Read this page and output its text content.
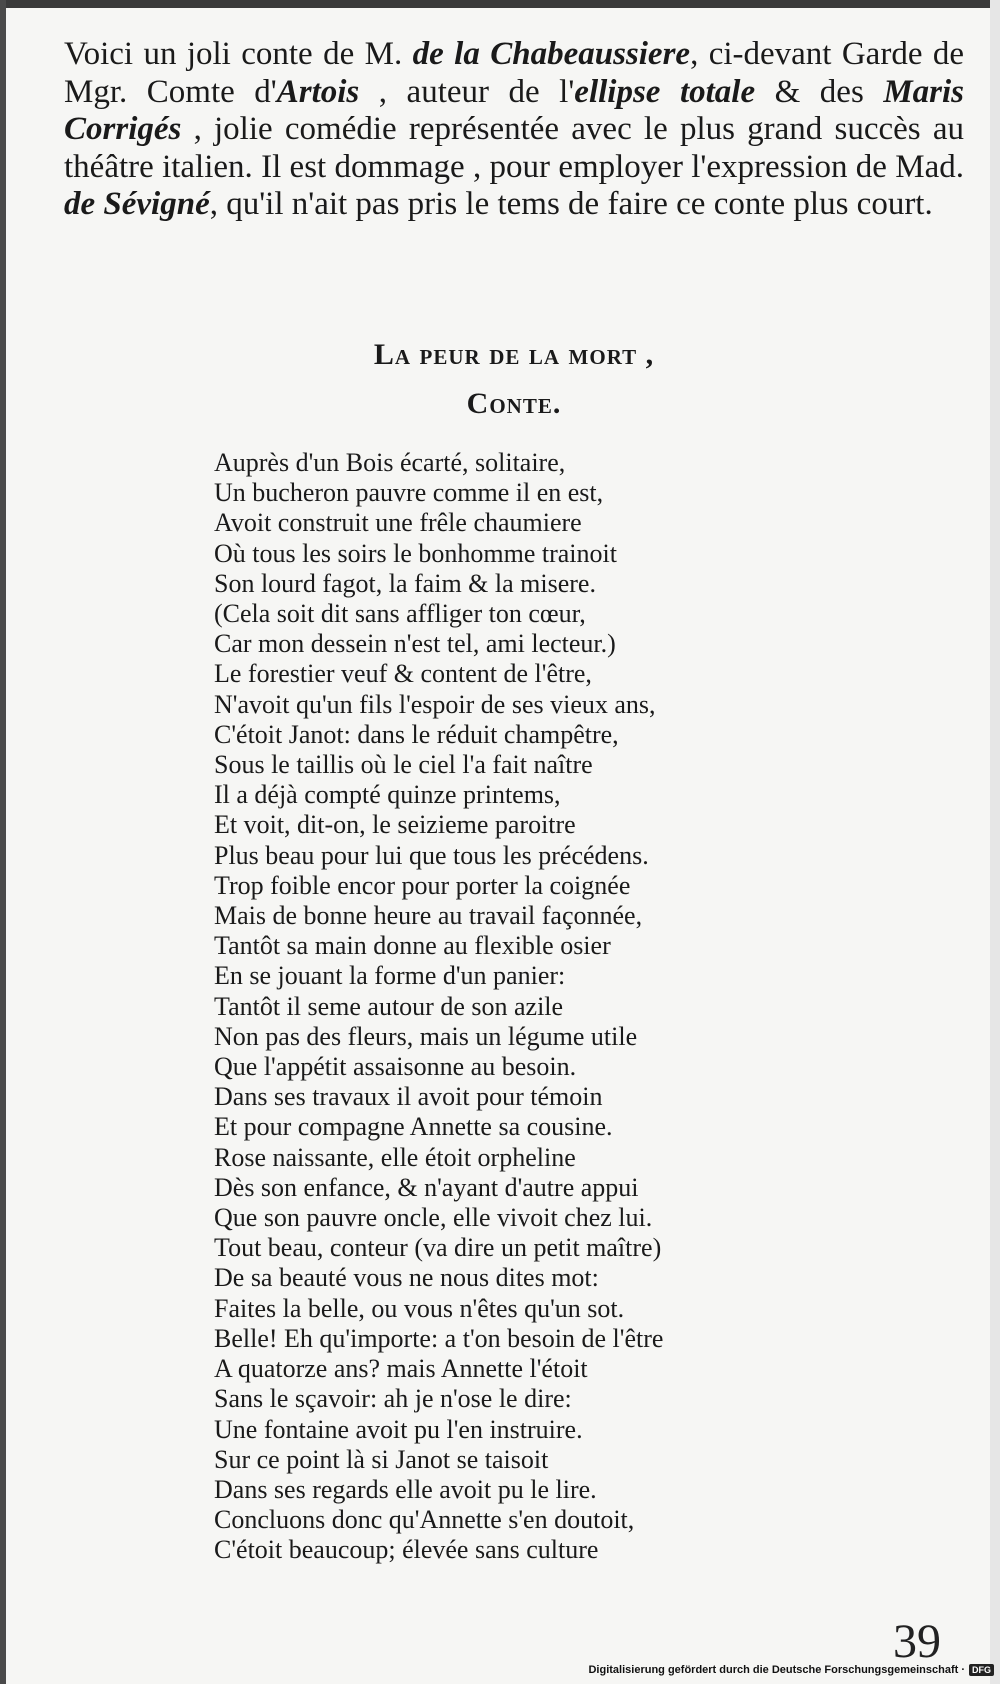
Voici un joli conte de M. de la Chabeaussiere, ci-devant Garde de Mgr. Comte d'Artois , auteur de l'ellipse totale & des Maris Corrigés , jolie comédie représentée avec le plus grand succès au théâtre italien. Il est dommage , pour employer l'expression de Mad. de Sévigné, qu'il n'ait pas pris le tems de faire ce conte plus court.
La peur de la mort ,
Conte.
Auprès d'un Bois écarté, solitaire,
Un bucheron pauvre comme il en est,
Avoit construit une frêle chaumiere
Où tous les soirs le bonhomme trainoit
Son lourd fagot, la faim & la misere.
(Cela soit dit sans affliger ton cœur,
Car mon dessein n'est tel, ami lecteur.)
Le forestier veuf & content de l'être,
N'avoit qu'un fils l'espoir de ses vieux ans,
C'étoit Janot: dans le réduit champêtre,
Sous le taillis où le ciel l'a fait naître
Il a déjà compté quinze printems,
Et voit, dit-on, le seizieme paroitre
Plus beau pour lui que tous les précédens.
Trop foible encor pour porter la coignée
Mais de bonne heure au travail façonnée,
Tantôt sa main donne au flexible osier
En se jouant la forme d'un panier:
Tantôt il seme autour de son azile
Non pas des fleurs, mais un légume utile
Que l'appétit assaisonne au besoin.
Dans ses travaux il avoit pour témoin
Et pour compagne Annette sa cousine.
Rose naissante, elle étoit orpheline
Dès son enfance, & n'ayant d'autre appui
Que son pauvre oncle, elle vivoit chez lui.
Tout beau, conteur (va dire un petit maître)
De sa beauté vous ne nous dites mot:
Faites la belle, ou vous n'êtes qu'un sot.
Belle! Eh qu'importe: a t'on besoin de l'être
A quatorze ans? mais Annette l'étoit
Sans le sçavoir: ah je n'ose le dire:
Une fontaine avoit pu l'en instruire.
Sur ce point là si Janot se taisoit
Dans ses regards elle avoit pu le lire.
Concluons donc qu'Annette s'en doutoit,
C'étoit beaucoup; élevée sans culture
39
Digitalisierung gefördert durch die Deutsche Forschungsgemeinschaft · DFG
